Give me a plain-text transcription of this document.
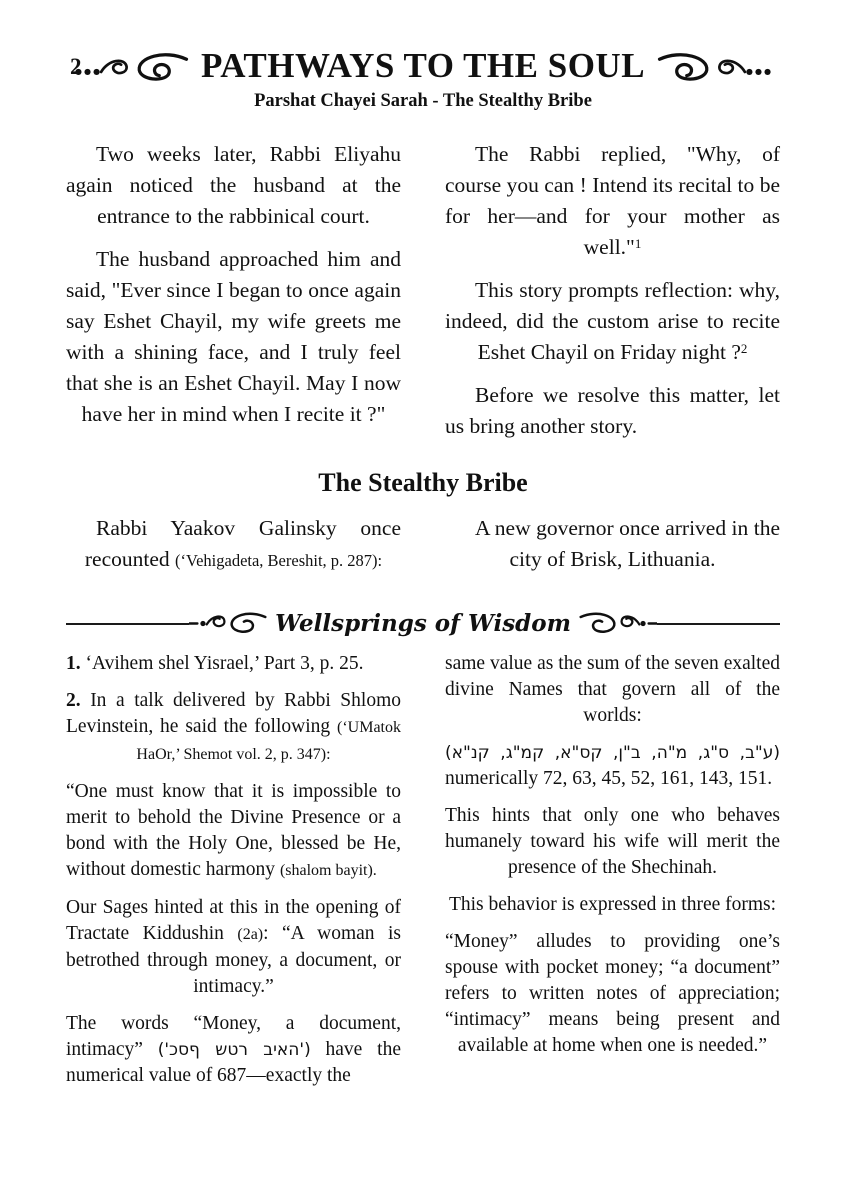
2	PATHWAYS TO THE SOUL
Parshat Chayei Sarah - The Stealthy Bribe

Two weeks later, Rabbi Eliyahu again noticed the husband at the entrance to the rabbinical court.

The husband approached him and said, "Ever since I began to once again say Eshet Chayil, my wife greets me with a shining face, and I truly feel that she is an Eshet Chayil. May I now have her in mind when I recite it ?"

The Rabbi replied, "Why, of course you can ! Intend its recital to be for her—and for your mother as well."$^1$

This story prompts reflection: why, indeed, did the custom arise to recite Eshet Chayil on Friday night ?$^2$

Before we resolve this matter, let us bring another story.

The Stealthy Bribe

Rabbi Yaakov Galinsky once recounted (‘Vehigadeta, Bereshit, p. 287):

A new governor once arrived in the city of Brisk, Lithuania.

Wellsprings of Wisdom

1. ‘Avihem shel Yisrael,’ Part 3, p. 25.

2. In a talk delivered by Rabbi Shlomo Levinstein, he said the following (‘UMatok HaOr,’ Shemot vol. 2, p. 347):

“One must know that it is impossible to merit to behold the Divine Presence or a bond with the Holy One, blessed be He, without domestic harmony (shalom bayit).

Our Sages hinted at this in the opening of Tractate Kiddushin (2a): “A woman is betrothed through money, a document, or intimacy.”

The words “Money, a document, intimacy” ('כסף שטר ביאה') have the numerical value of 687—exactly the

same value as the sum of the seven exalted divine Names that govern all of the worlds:

(ע"ב, ס"ג, מ"ה, ב"ן, קס"א, קמ"ג, קנ"א)
numerically 72, 63, 45, 52, 161, 143, 151.

This hints that only one who behaves humanely toward his wife will merit the presence of the Shechinah.

This behavior is expressed in three forms:

“Money” alludes to providing one’s spouse with pocket money; “a document” refers to written notes of appreciation; “intimacy” means being present and available at home when one is needed.”
